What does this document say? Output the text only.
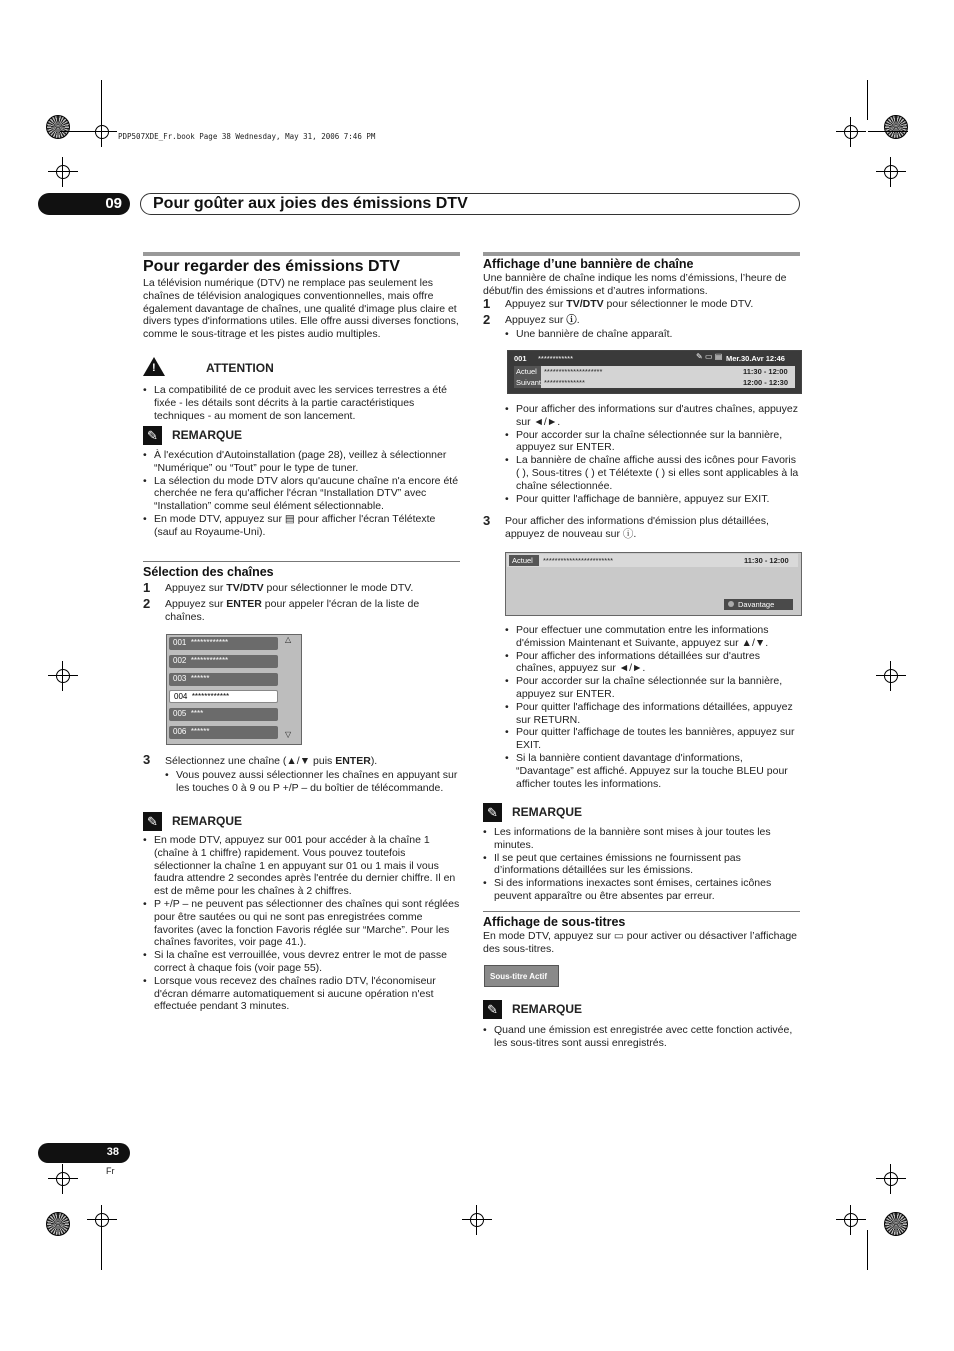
PDP507XDE_Fr.book Page 38 Wednesday, May 31, 2006 7:46 PM
09	Pour goûter aux joies des émissions DTV
Pour regarder des émissions DTV
La télévision numérique (DTV) ne remplace pas seulement les chaînes de télévision analogiques conventionnelles, mais offre également davantage de chaînes, une qualité d'image plus claire et divers types d'informations utiles. Elle offre aussi diverses fonctions, comme le sous-titrage et les pistes audio multiples.
!	ATTENTION
• La compatibilité de ce produit avec les services terrestres a été fixée - les détails sont décrits à la partie caractéristiques techniques - au moment de son lancement.
✎	REMARQUE
• À l'exécution d'Autoinstallation (page 28), veillez à sélectionner “Numérique” ou “Tout” pour le type de tuner.
• La sélection du mode DTV alors qu'aucune chaîne n'a encore été cherchée ne fera qu'afficher l'écran “Installation DTV” avec “Installation” comme seul élément sélectionnable.
• En mode DTV, appuyez sur ▤ pour afficher l'écran Télétexte (sauf au Royaume-Uni).
Sélection des chaînes
1 Appuyez sur TV/DTV pour sélectionner le mode DTV.
2 Appuyez sur ENTER pour appeler l'écran de la liste de chaînes.
001 ************
002 ************
003 ******
004 ************
005 ****
006 ******
△
▽
3 Sélectionnez une chaîne (▲/▼ puis ENTER).
• Vous pouvez aussi sélectionner les chaînes en appuyant sur les touches 0 à 9 ou P +/P – du boîtier de télécommande.
✎	REMARQUE
• En mode DTV, appuyez sur 001 pour accéder à la chaîne 1 (chaîne à 1 chiffre) rapidement. Vous pouvez toutefois sélectionner la chaîne 1 en appuyant sur 01 ou 1 mais il vous faudra attendre 2 secondes après l'entrée du dernier chiffre. Il en est de même pour les chaînes à 2 chiffres.
• P +/P – ne peuvent pas sélectionner des chaînes qui sont réglées pour être sautées ou qui ne sont pas enregistrées comme favorites (avec la fonction Favoris réglée sur “Marche”. Pour les chaînes favorites, voir page 41.).
• Si la chaîne est verrouillée, vous devrez entrer le mot de passe correct à chaque fois (voir page 55).
• Lorsque vous recevez des chaînes radio DTV, l'économiseur d'écran démarre automatiquement si aucune opération n'est effectuée pendant 3 minutes.
Affichage d’une bannière de chaîne
Une bannière de chaîne indique les noms d’émissions, l’heure de début/fin des émissions et d’autres informations.
1 Appuyez sur TV/DTV pour sélectionner le mode DTV.
2 Appuyez sur ⓘ.
• Une bannière de chaîne apparaît.
001 ************	✎ ▭ ▤ Mer.30.Avr 12:46
Actuel ********************	11:30 - 12:00
Suivant **************	12:00 - 12:30
• Pour afficher des informations sur d'autres chaînes, appuyez sur ◄/►.
• Pour accorder sur la chaîne sélectionnée sur la bannière, appuyez sur ENTER.
• La bannière de chaîne affiche aussi des icônes pour Favoris ( ), Sous-titres ( ) et Télétexte ( ) si elles sont applicables à la chaîne sélectionnée.
• Pour quitter l'affichage de bannière, appuyez sur EXIT.
3 Pour afficher des informations d'émission plus détaillées, appuyez de nouveau sur ⓘ.
Actuel	************************	11:30 - 12:00
Davantage
• Pour effectuer une commutation entre les informations d'émission Maintenant et Suivante, appuyez sur ▲/▼.
• Pour afficher des informations détaillées sur d'autres chaînes, appuyez sur ◄/►.
• Pour accorder sur la chaîne sélectionnée sur la bannière, appuyez sur ENTER.
• Pour quitter l'affichage des informations détaillées, appuyez sur RETURN.
• Pour quitter l'affichage de toutes les bannières, appuyez sur EXIT.
• Si la bannière contient davantage d'informations, “Davantage” est affiché. Appuyez sur la touche BLEU pour afficher toutes les informations.
✎	REMARQUE
• Les informations de la bannière sont mises à jour toutes les minutes.
• Il se peut que certaines émissions ne fournissent pas d’informations détaillées sur les émissions.
• Si des informations inexactes sont émises, certaines icônes peuvent apparaître ou être absentes par erreur.
Affichage de sous-titres
En mode DTV, appuyez sur ▭ pour activer ou désactiver l’affichage des sous-titres.
Sous-titre Actif
✎	REMARQUE
• Quand une émission est enregistrée avec cette fonction activée, les sous-titres sont aussi enregistrés.
38
Fr
